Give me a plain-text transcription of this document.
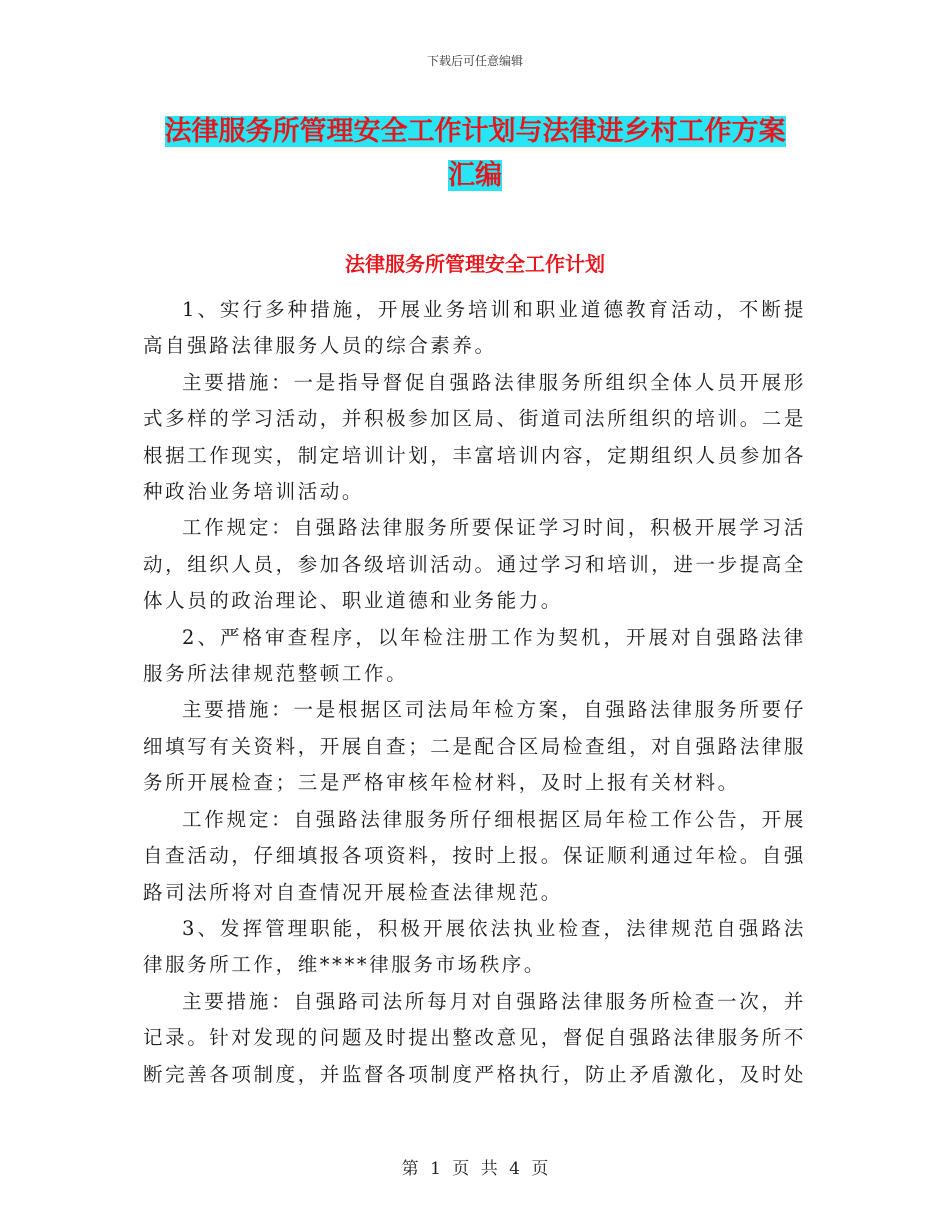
下载后可任意编辑
法律服务所管理安全工作计划与法律进乡村工作方案
汇编
法律服务所管理安全工作计划

1、实行多种措施，开展业务培训和职业道德教育活动，不断提高自强路法律服务人员的综合素养。

主要措施：一是指导督促自强路法律服务所组织全体人员开展形式多样的学习活动，并积极参加区局、街道司法所组织的培训。二是根据工作现实，制定培训计划，丰富培训内容，定期组织人员参加各种政治业务培训活动。

工作规定：自强路法律服务所要保证学习时间，积极开展学习活动，组织人员，参加各级培训活动。通过学习和培训，进一步提高全体人员的政治理论、职业道德和业务能力。

2、严格审查程序，以年检注册工作为契机，开展对自强路法律服务所法律规范整顿工作。

主要措施：一是根据区司法局年检方案，自强路法律服务所要仔细填写有关资料，开展自查；二是配合区局检查组，对自强路法律服务所开展检查；三是严格审核年检材料，及时上报有关材料。

工作规定：自强路法律服务所仔细根据区局年检工作公告，开展自查活动，仔细填报各项资料，按时上报。保证顺利通过年检。自强路司法所将对自查情况开展检查法律规范。

3、发挥管理职能，积极开展依法执业检查，法律规范自强路法律服务所工作，维****律服务市场秩序。

主要措施：自强路司法所每月对自强路法律服务所检查一次，并记录。针对发现的问题及时提出整改意见，督促自强路法律服务所不断完善各项制度，并监督各项制度严格执行，防止矛盾激化，及时处

第 1 页 共 4 页
